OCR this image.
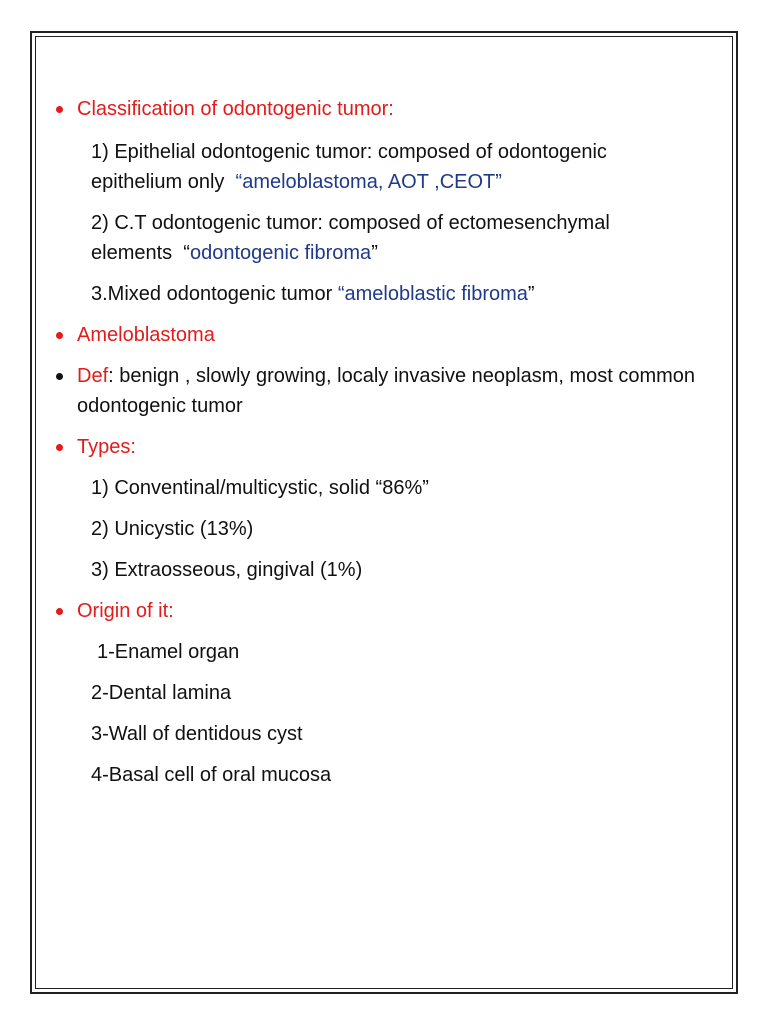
Classification of odontogenic tumor:

1) Epithelial odontogenic tumor: composed of odontogenic epithelium only “ameloblastoma, AOT ,CEOT”

2) C.T odontogenic tumor: composed of ectomesenchymal elements “odontogenic fibroma”

3.Mixed odontogenic tumor “ameloblastic fibroma”

Ameloblastoma

Def: benign , slowly growing, localy invasive neoplasm, most common odontogenic tumor

Types:

1) Conventinal/multicystic, solid “86%”

2) Unicystic (13%)

3) Extraosseous, gingival (1%)

Origin of it:

1-Enamel organ

2-Dental lamina

3-Wall of dentidous cyst

4-Basal cell of oral mucosa
